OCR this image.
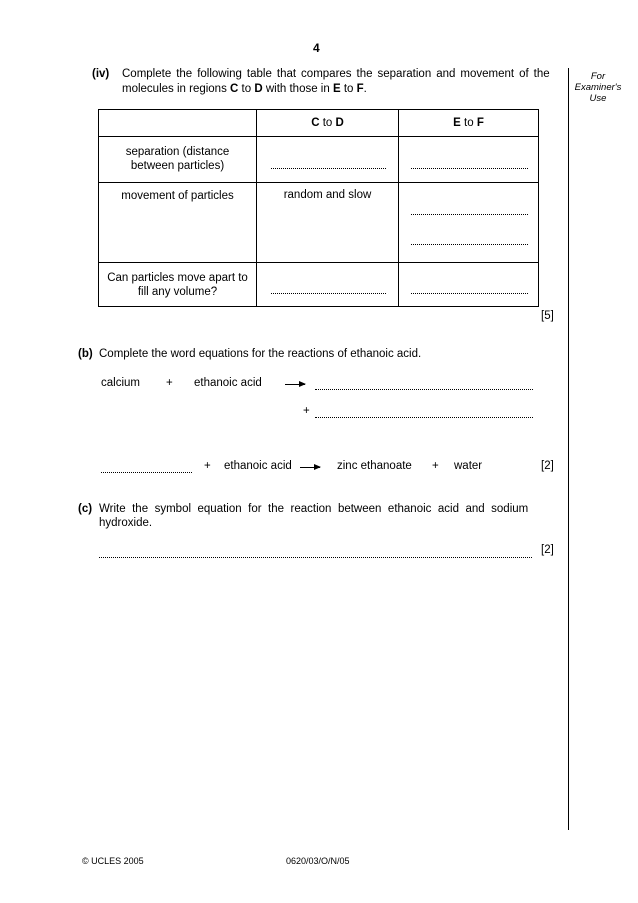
4
For
Examiner's
Use
(iv) Complete the following table that compares the separation and movement of the
molecules in regions C to D with those in E to F.
	C to D	E to F

separation (distance
between particles)		

movement of particles	random and slow	

Can particles move apart to
fill any volume?		

[5]
(b) Complete the word equations for the reactions of ethanoic acid.
calcium + ethanoic acid
+
+ ethanoic acid	zinc ethanoate + water	[2]
(c) Write the symbol equation for the reaction between ethanoic acid and sodium
hydroxide.
[2]
© UCLES 2005	0620/03/O/N/05
